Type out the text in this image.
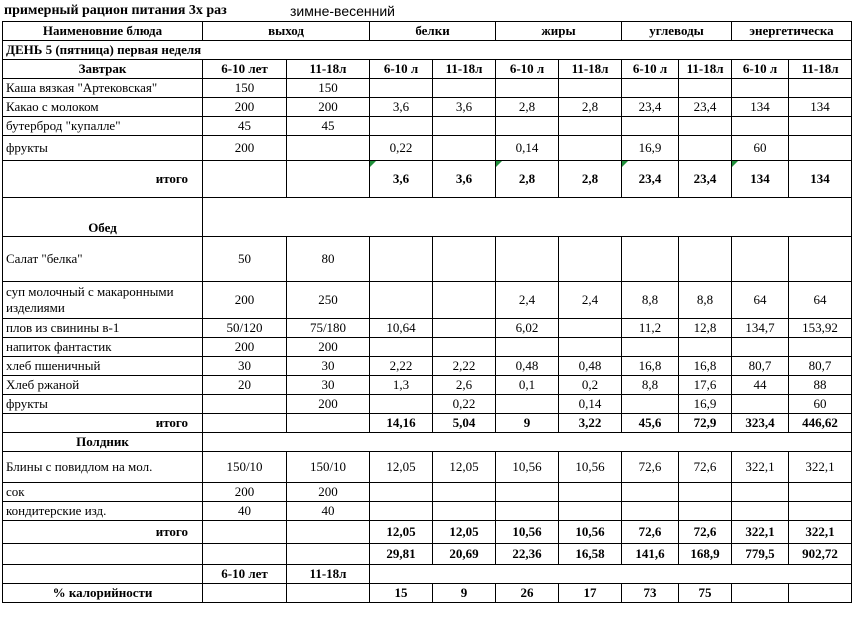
примерный рацион питания 3х раз	зимне-весенний
Наименовние блюда	выход		белки		жиры		углеводы		энергетическа	
ДЕНЬ 5 (пятница) первая неделя										
Завтрак	6-10 лет	11-18л	6-10 л	11-18л	6-10 л	11-18л	6-10 л	11-18л	6-10 л	11-18л
Каша вязкая "Артековская"	150	150								
Какао с молоком	200	200	3,6	3,6	2,8	2,8	23,4	23,4	134	134
бутерброд "купалле"	45	45								
фрукты	200		0,22		0,14		16,9		60	
итого			3,6	3,6	2,8	2,8	23,4	23,4	134	134
Обед										
Салат "белка"	50	80								
суп молочный с макаронными изделиями	200	250			2,4	2,4	8,8	8,8	64	64
плов из свинины в-1	50/120	75/180	10,64		6,02		11,2	12,8	134,7	153,92
напиток фантастик	200	200								
хлеб пшеничный	30	30	2,22	2,22	0,48	0,48	16,8	16,8	80,7	80,7
Хлеб ржаной	20	30	1,3	2,6	0,1	0,2	8,8	17,6	44	88
фрукты		200		0,22		0,14		16,9		60
итого			14,16	5,04	9	3,22	45,6	72,9	323,4	446,62
Полдник										
Блины с повидлом на мол.	150/10	150/10	12,05	12,05	10,56	10,56	72,6	72,6	322,1	322,1
сок	200	200								
кондитерские изд.	40	40								
итого			12,05	12,05	10,56	10,56	72,6	72,6	322,1	322,1
			29,81	20,69	22,36	16,58	141,6	168,9	779,5	902,72
	6-10 лет	11-18л								
% калорийности			15	9	26	17	73	75		
